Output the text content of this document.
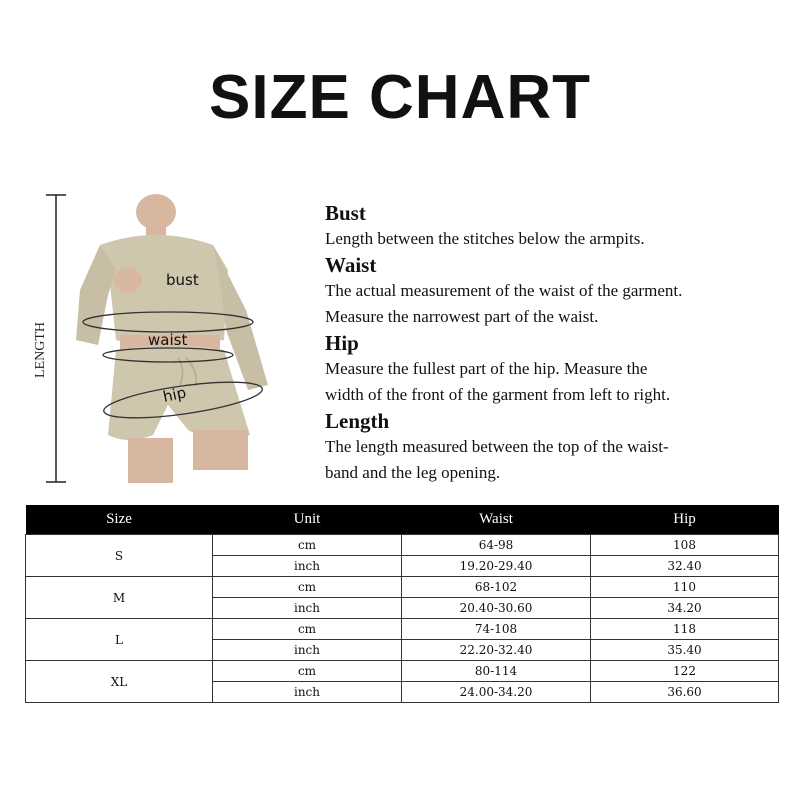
SIZE CHART
LENGTH
bust
waist
hip
Bust
Length between the stitches below the armpits.
Waist
The actual measurement of the waist of the garment.
Measure the narrowest part of the waist.
Hip
Measure the fullest part of the hip. Measure the
width of the front of the garment from left to right.
Length
The length measured between the top of the waist-
band and the leg opening.
Size	Unit	Waist	Hip
S	cm	64-98	108
	inch	19.20-29.40	32.40
M	cm	68-102	110
	inch	20.40-30.60	34.20
L	cm	74-108	118
	inch	22.20-32.40	35.40
XL	cm	80-114	122
	inch	24.00-34.20	36.60
